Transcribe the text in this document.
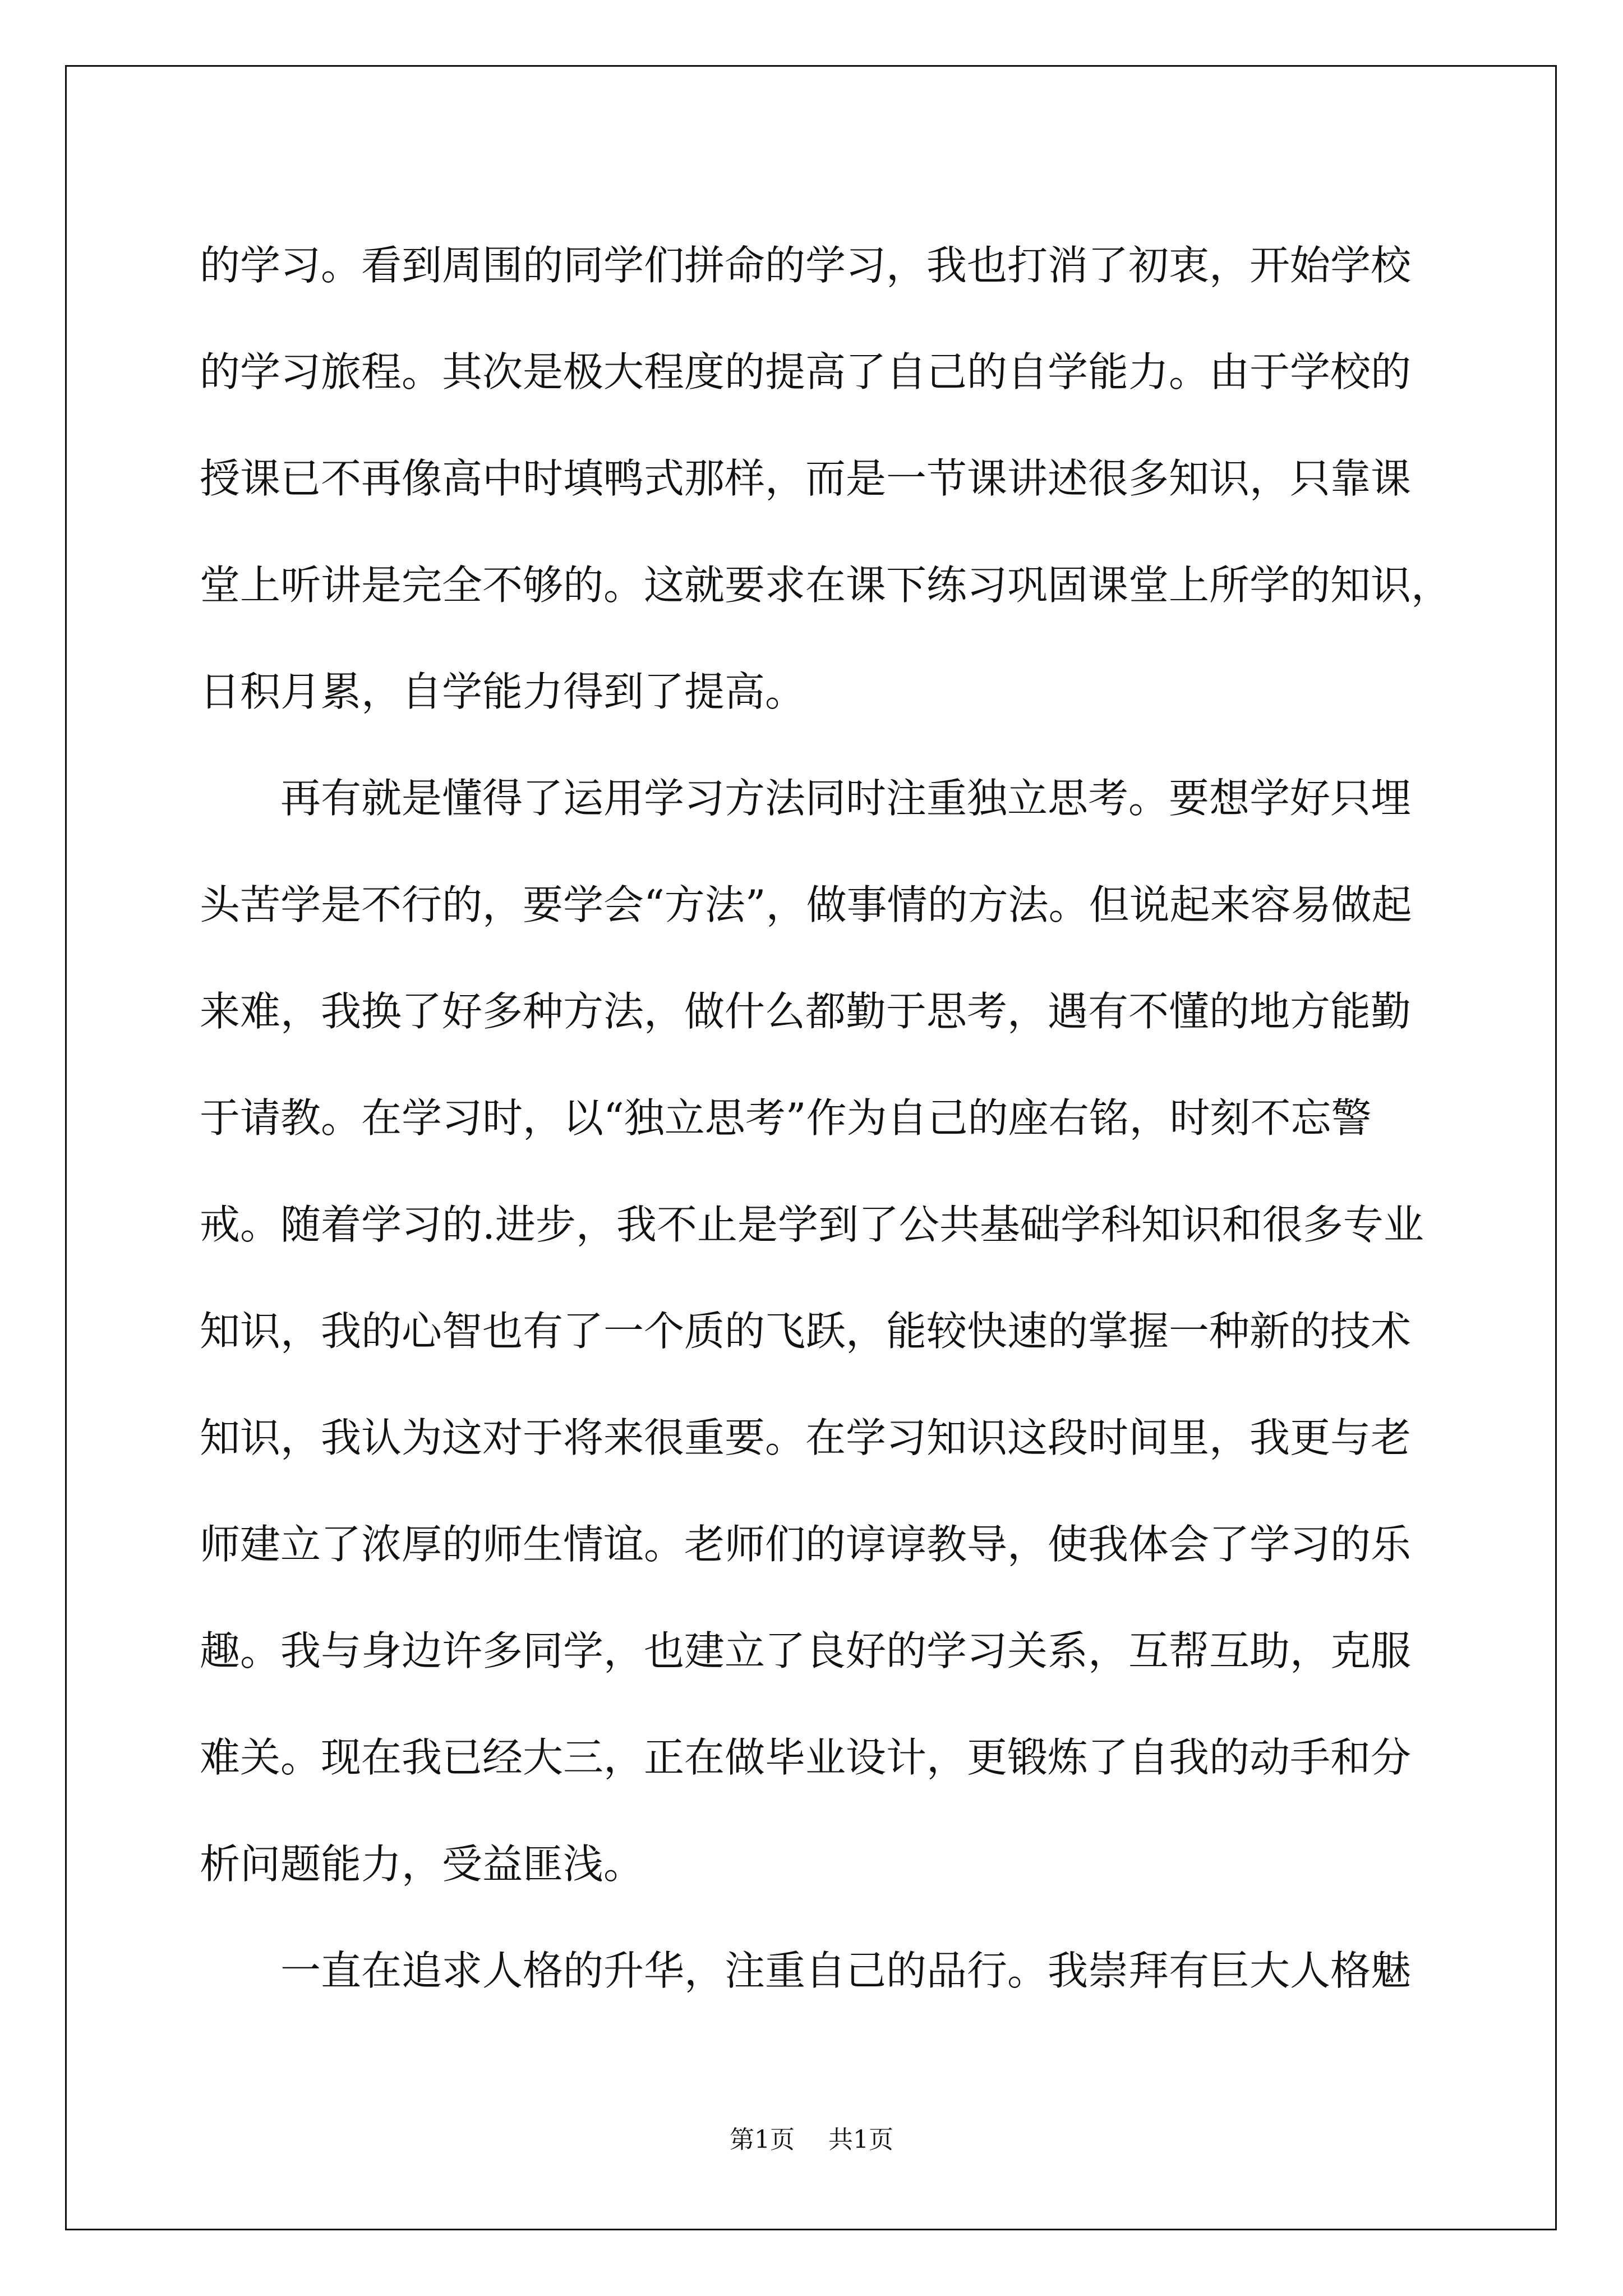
的学习。看到周围的同学们拼命的学习，我也打消了初衷，开始学校
的学习旅程。其次是极大程度的提高了自己的自学能力。由于学校的
授课已不再像高中时填鸭式那样，而是一节课讲述很多知识，只靠课
堂上听讲是完全不够的。这就要求在课下练习巩固课堂上所学的知识，
日积月累，自学能力得到了提高。
再有就是懂得了运用学习方法同时注重独立思考。要想学好只埋
头苦学是不行的，要学会“方法”，做事情的方法。但说起来容易做起
来难，我换了好多种方法，做什么都勤于思考，遇有不懂的地方能勤
于请教。在学习时，以“独立思考”作为自己的座右铭，时刻不忘警
戒。随着学习的.进步，我不止是学到了公共基础学科知识和很多专业
知识，我的心智也有了一个质的飞跃，能较快速的掌握一种新的技术
知识，我认为这对于将来很重要。在学习知识这段时间里，我更与老
师建立了浓厚的师生情谊。老师们的谆谆教导，使我体会了学习的乐
趣。我与身边许多同学，也建立了良好的学习关系，互帮互助，克服
难关。现在我已经大三，正在做毕业设计，更锻炼了自我的动手和分
析问题能力，受益匪浅。
一直在追求人格的升华，注重自己的品行。我崇拜有巨大人格魅
第1页 共1页
